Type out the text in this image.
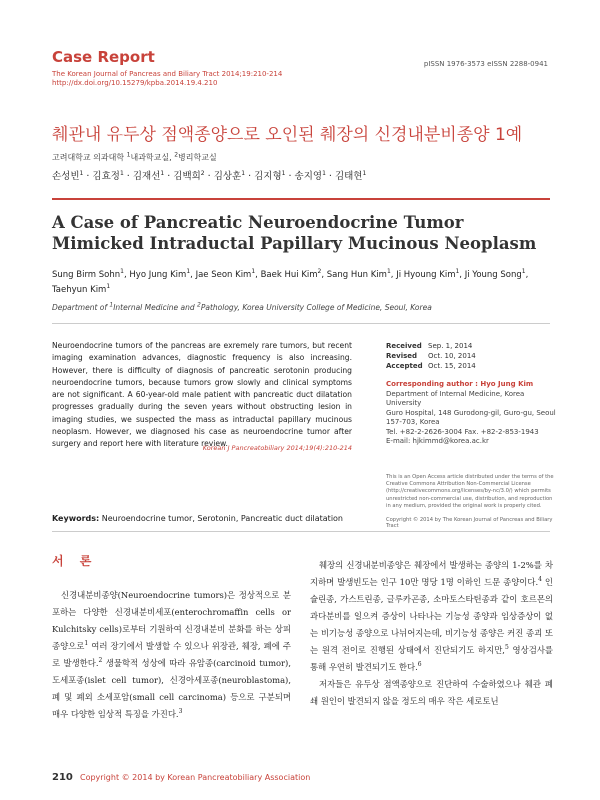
Case Report	pISSN 1976-3573 eISSN 2288-0941
The Korean Journal of Pancreas and Biliary Tract 2014;19:210-214
http://dx.doi.org/10.15279/kpba.2014.19.4.210
췌관내 유두상 점액종양으로 오인된 췌장의 신경내분비종양 1예
고려대학교 의과대학 $^1$내과학교실, $^2$병리학교실
손성빈$^1$ · 김효정$^1$ · 김재선$^1$ · 김백희$^2$ · 김상훈$^1$ · 김지형$^1$ · 송지영$^1$ · 김태현$^1$
A Case of Pancreatic Neuroendocrine Tumor Mimicked Intraductal Papillary Mucinous Neoplasm
Sung Birm Sohn$^1$, Hyo Jung Kim$^1$, Jae Seon Kim$^1$, Baek Hui Kim$^2$, Sang Hun Kim$^1$, Ji Hyoung Kim$^1$, Ji Young Song$^1$, Taehyun Kim$^1$
Department of $^1$Internal Medicine and $^2$Pathology, Korea University College of Medicine, Seoul, Korea
Neuroendocrine tumors of the pancreas are exremely rare tumors, but recent imaging examination advances, diagnostic frequency is also increasing. However, there is difficulty of diagnosis of pancreatic serotonin producing neuroendocrine tumors, because tumors grow slowly and clinical symptoms are not significant. A 60-year-old male patient with pancreatic duct dilatation progresses gradually during the seven years without obstructing lesion in imaging studies, we suspected the mass as intraductal papillary mucinous neoplasm. However, we diagnosed his case as neuroendocrine tumor after surgery and report here with literature review.
Korean J Pancreatobiliary 2014;19(4):210-214
Received Sep. 1, 2014
Revised	Oct. 10, 2014
Accepted Oct. 15, 2014
Corresponding author : Hyo Jung Kim
Department of Internal Medicine, Korea University
Guro Hospital, 148 Gurodong-gil, Guro-gu, Seoul
157-703, Korea
Tel. +82-2-2626-3004 Fax. +82-2-853-1943
E-mail: hjkimmd@korea.ac.kr
This is an Open Access article distributed under the terms of the Creative Commons Attribution Non-Commercial License (http://creativecommons.org/licenses/by-nc/3.0/) which permits unrestricted non-commercial use, distribution, and reproduction in any medium, provided the original work is properly cited.
Copyright © 2014 by The Korean Journal of Pancreas and Biliary Tract
Keywords: Neuroendocrine tumor, Serotonin, Pancreatic duct dilatation
서 론

신경내분비종양(Neuroendocrine tumors)은 정상적으로 분포하는 다양한 신경내분비세포(enterochromaffin cells or Kulchitsky cells)로부터 기원하여 신경내분비 분화를 하는 상피 종양으로$^1$ 여러 장기에서 발생할 수 있으나 위장관, 췌장, 폐에 주로 발생한다.$^2$ 생물학적 성상에 따라 유암종(carcinoid tumor), 도세포종(islet cell tumor), 신경아세포종(neuroblastoma), 폐 및 폐외 소세포암(small cell carcinoma) 등으로 구분되며 매우 다양한 임상적 특징을 가진다.$^3$

췌장의 신경내분비종양은 췌장에서 발생하는 종양의 1-2%를 차지하며 발생빈도는 인구 10만 명당 1명 이하인 드문 종양이다.$^4$ 인슐린종, 가스트린종, 글루카곤종, 소마토스타틴종과 같이 호르몬의 과다분비를 일으켜 증상이 나타나는 기능성 종양과 임상증상이 없는 비기능성 종양으로 나뉘어지는데, 비기능성 종양은 커진 종괴 또는 원격 전이로 진행된 상태에서 진단되기도 하지만,$^5$ 영상검사를 통해 우연히 발견되기도 한다.$^6$

저자들은 유두상 점액종양으로 진단하여 수술하였으나 췌관 폐쇄 원인이 발견되지 않을 정도의 매우 작은 세로토닌

210 Copyright © 2014 by Korean Pancreatobiliary Association
